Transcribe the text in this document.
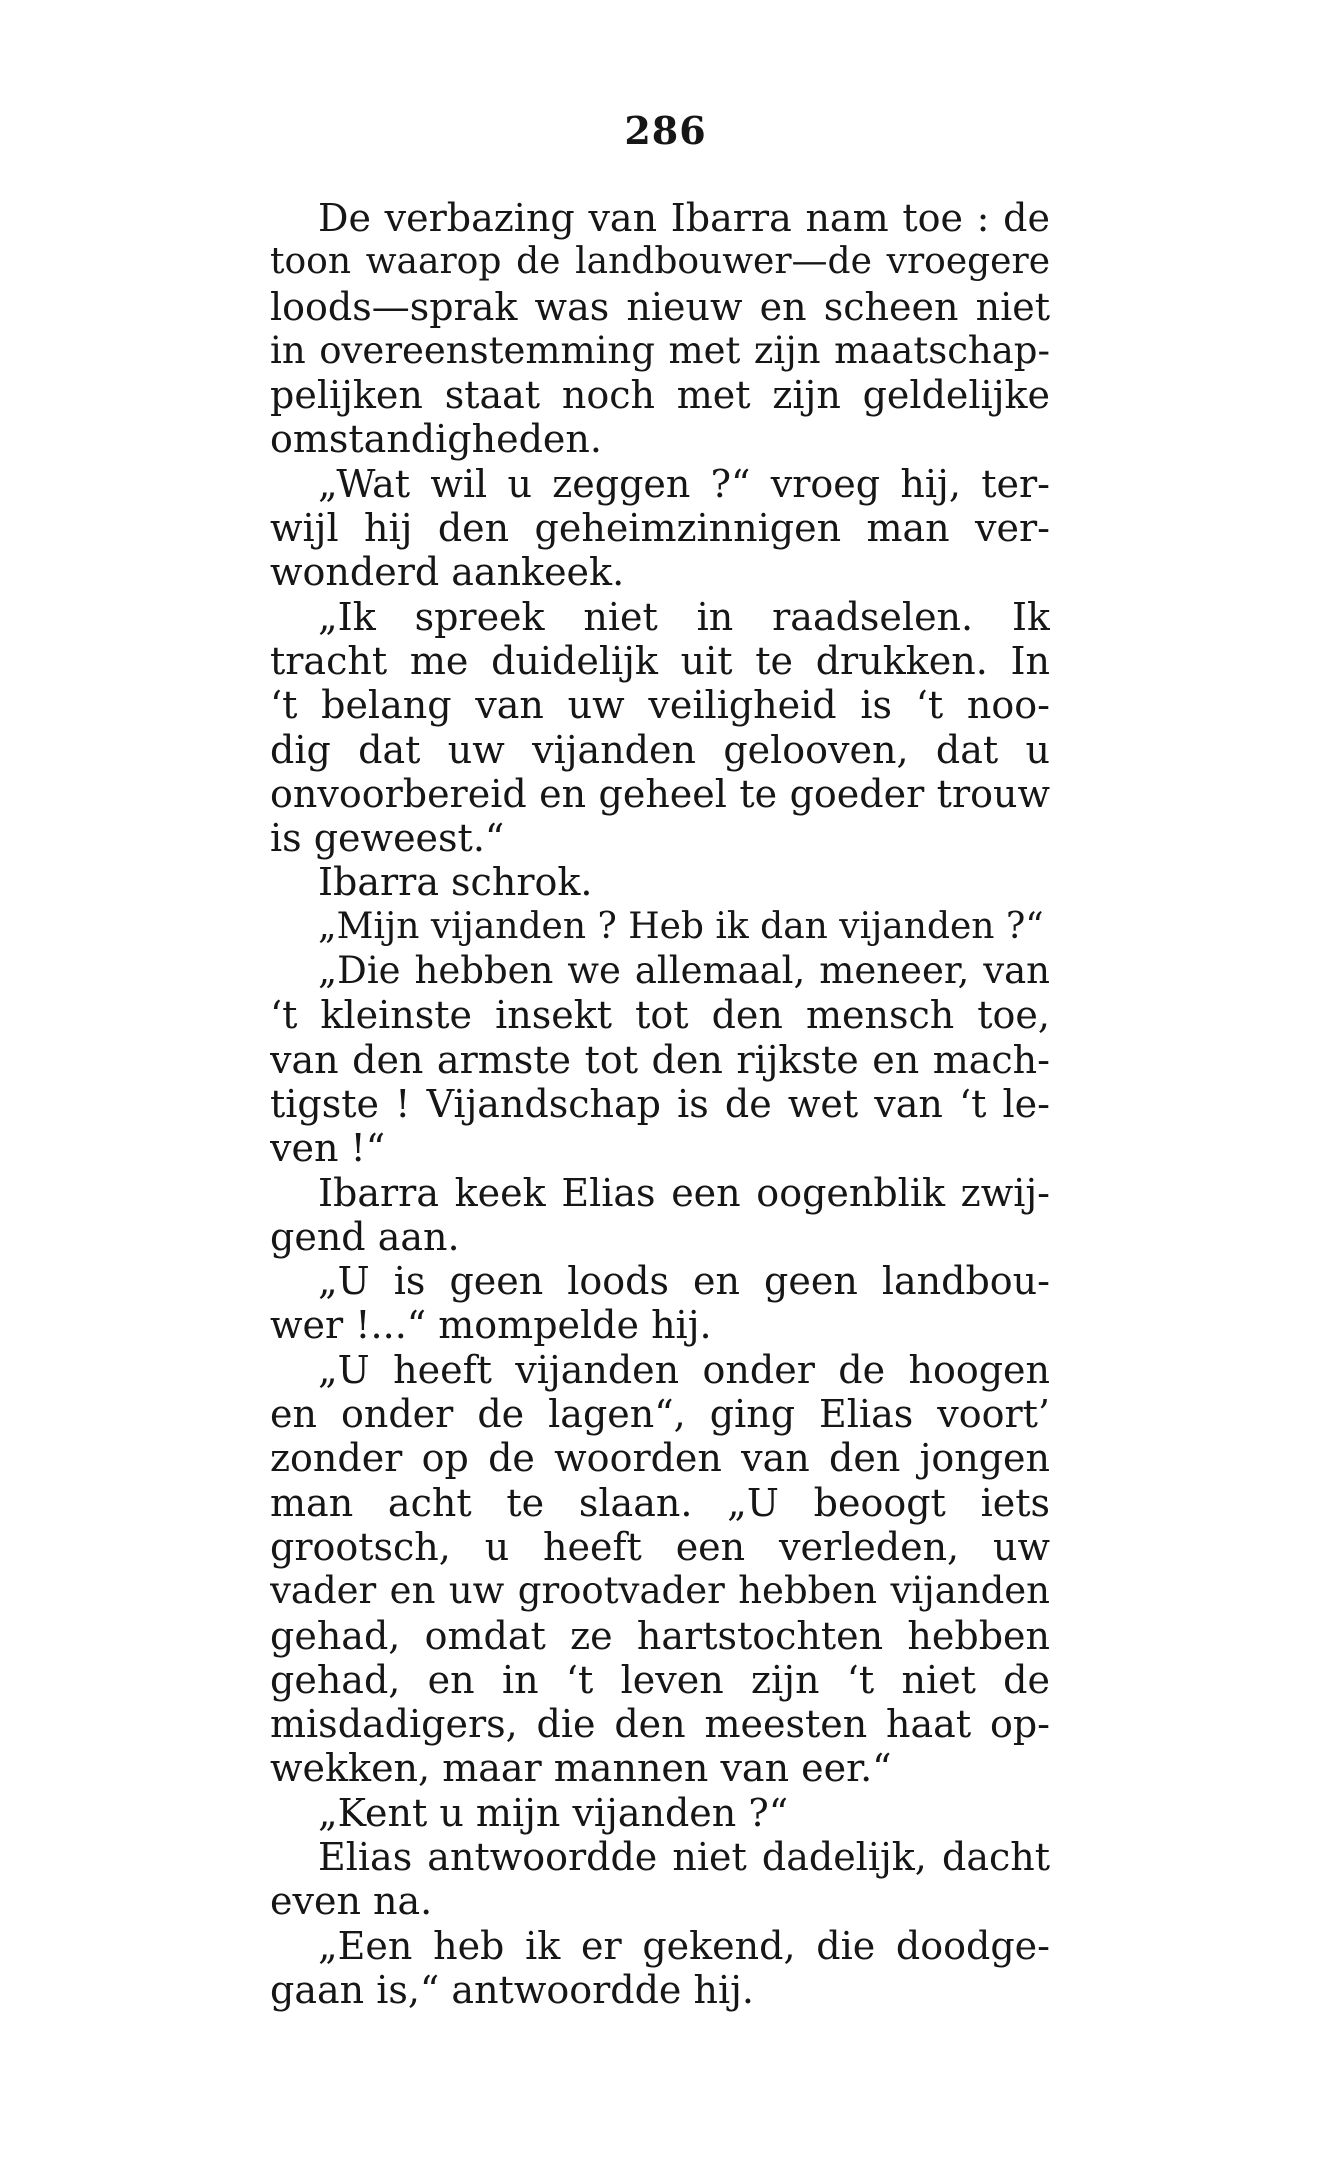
286
De verbazing van Ibarra nam toe : de
toon waarop de landbouwer—de vroegere
loods—sprak was nieuw en scheen niet
in overeenstemming met zijn maatschap-
pelijken staat noch met zijn geldelijke
omstandigheden.
„Wat wil u zeggen ?“ vroeg hij, ter-
wijl hij den geheimzinnigen man ver-
wonderd aankeek.
„Ik spreek niet in raadselen. Ik
tracht me duidelijk uit te drukken. In
‘t belang van uw veiligheid is ‘t noo-
dig dat uw vijanden gelooven, dat u
onvoorbereid en geheel te goeder trouw
is geweest.“
Ibarra schrok.
„Mijn vijanden ? Heb ik dan vijanden ?“
„Die hebben we allemaal, meneer, van
‘t kleinste insekt tot den mensch toe,
van den armste tot den rijkste en mach-
tigste ! Vijandschap is de wet van ‘t le-
ven !“
Ibarra keek Elias een oogenblik zwij-
gend aan.
„U is geen loods en geen landbou-
wer !...“ mompelde hij.
„U heeft vijanden onder de hoogen
en onder de lagen“, ging Elias voort’
zonder op de woorden van den jongen
man acht te slaan. „U beoogt iets
grootsch, u heeft een verleden, uw
vader en uw grootvader hebben vijanden
gehad, omdat ze hartstochten hebben
gehad, en in ‘t leven zijn ‘t niet de
misdadigers, die den meesten haat op-
wekken, maar mannen van eer.“
„Kent u mijn vijanden ?“
Elias antwoordde niet dadelijk, dacht
even na.
„Een heb ik er gekend, die doodge-
gaan is,“ antwoordde hij.
